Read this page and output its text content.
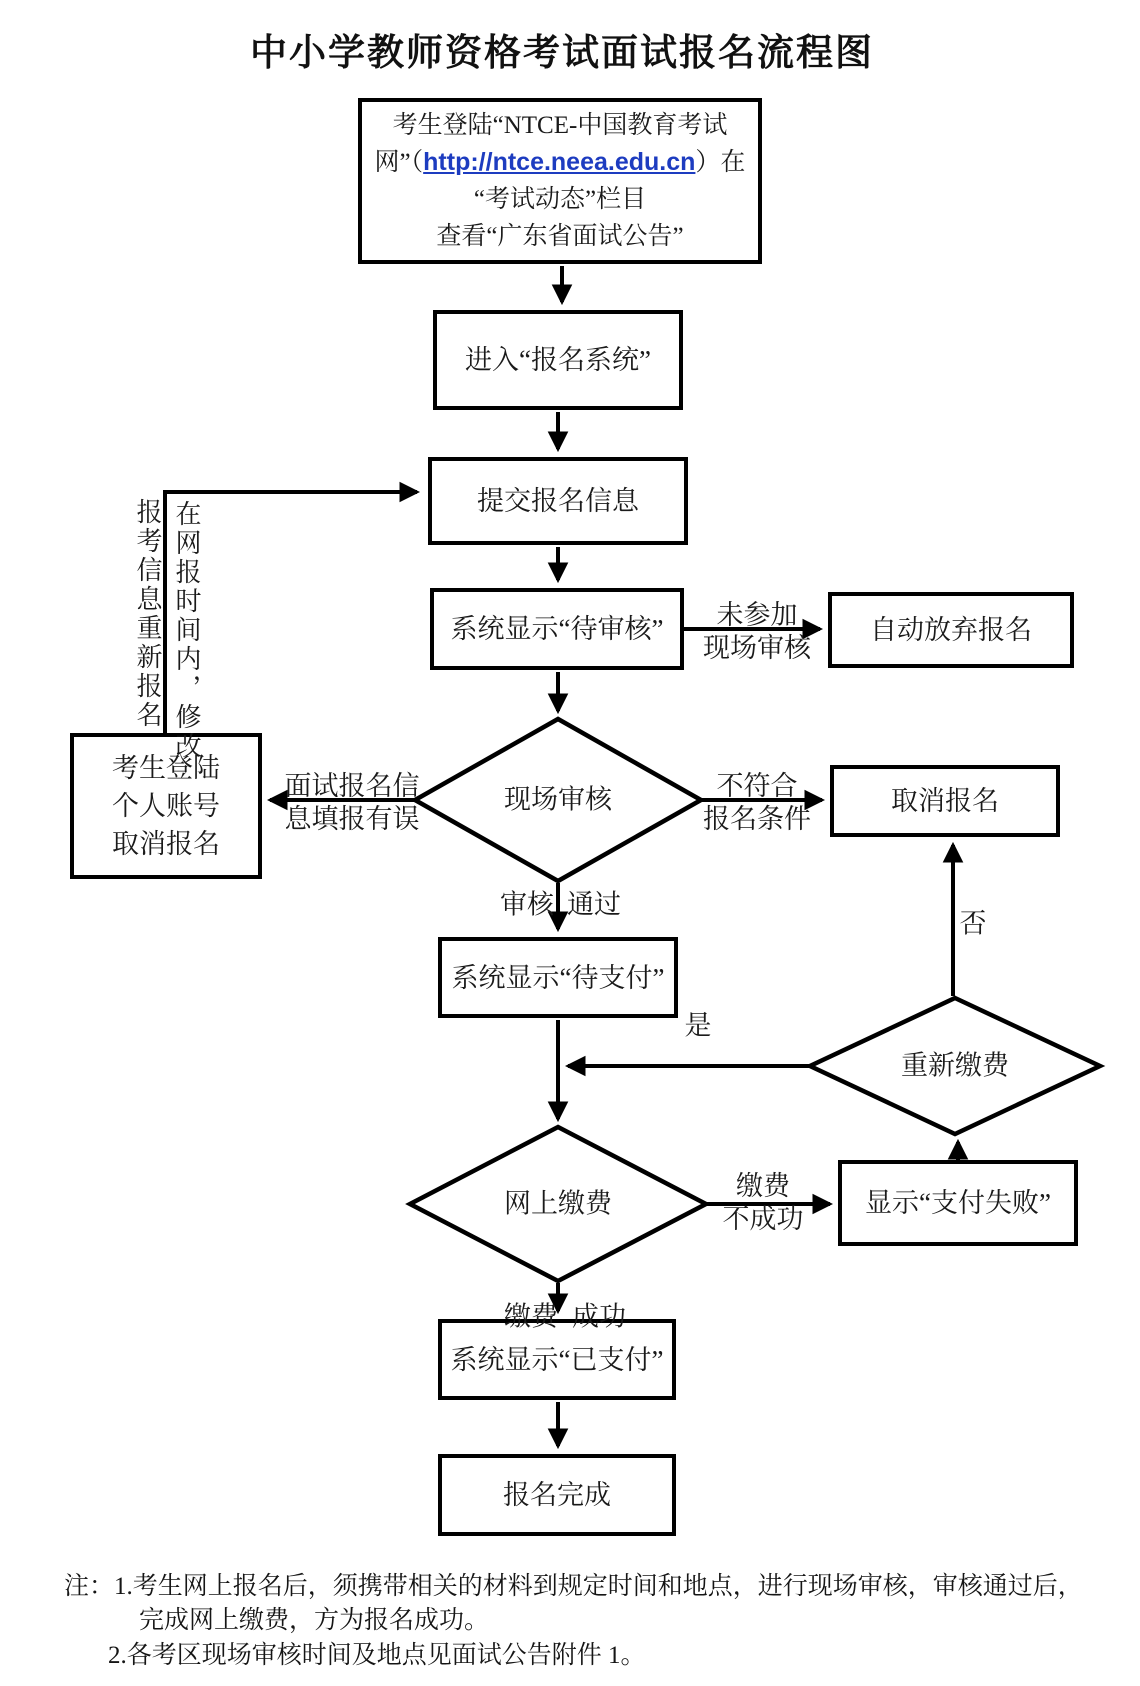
中小学教师资格考试面试报名流程图
考生登陆“NTCE-中国教育考试
网”（http://ntce.neea.edu.cn）在
“考试动态”栏目
查看“广东省面试公告”
进入“报名系统”
提交报名信息
系统显示“待审核”	自动放弃报名
考生登陆
个人账号
取消报名
取消报名
系统显示“待支付”
显示“支付失败”
系统显示“已支付”
报名完成
现场审核
重新缴费
网上缴费
未参加
现场审核
面试报名信
息填报有误
不符合
报名条件
审核 通过
是
否
缴费
不成功
缴费 成功
报考信息重新报名 在网报时间内，修改
注：1.考生网上报名后，须携带相关的材料到规定时间和地点，进行现场审核，审核通过后，
完成网上缴费，方为报名成功。
2.各考区现场审核时间及地点见面试公告附件 1。
